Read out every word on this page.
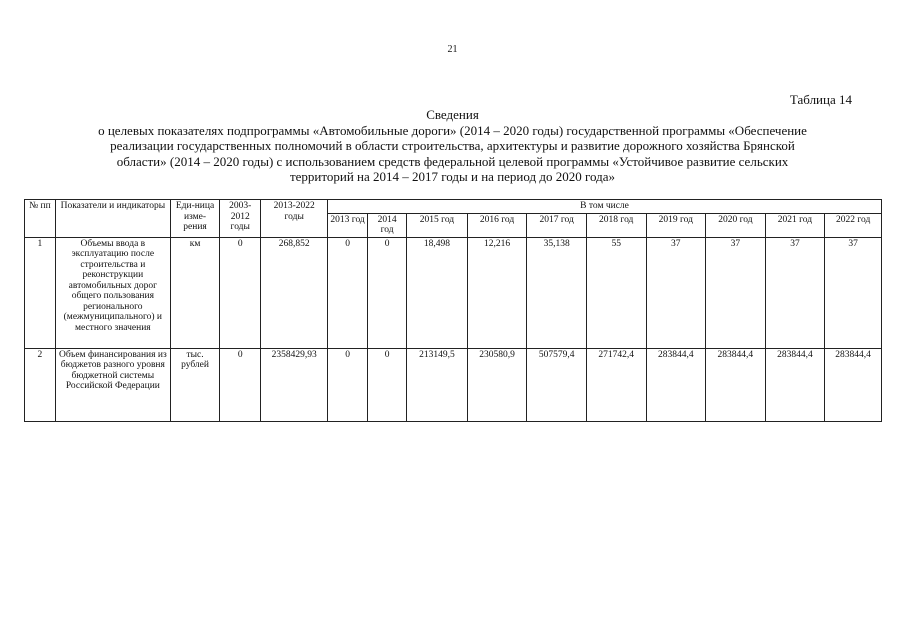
21
Таблица 14
Сведения
о целевых показателях подпрограммы «Автомобильные дороги» (2014 – 2020 годы) государственной программы «Обеспечение
реализации государственных полномочий в области строительства, архитектуры и развитие дорожного хозяйства Брянской
области» (2014 – 2020 годы) с использованием средств федеральной целевой программы «Устойчивое развитие сельских
территорий на 2014 – 2017 годы и на период до 2020 года»
№ пп	Показатели и индикаторы	Еди-ница изме-рения	2003-2012 годы	2013-2022 годы	В том числе									
					2013 год	2014 год	2015 год	2016 год	2017 год	2018 год	2019 год	2020 год	2021 год	2022 год
1	Объемы ввода в эксплуатацию после строительства и реконструкции автомобильных дорог общего пользования регионального (межмуниципального) и местного значения	км	0	268,852	0	0	18,498	12,216	35,138	55	37	37	37	37
2	Объем финансирования из бюджетов разного уровня бюджетной системы Российской Федерации	тыс. рублей	0	2358429,93	0	0	213149,5	230580,9	507579,4	271742,4	283844,4	283844,4	283844,4	283844,4
